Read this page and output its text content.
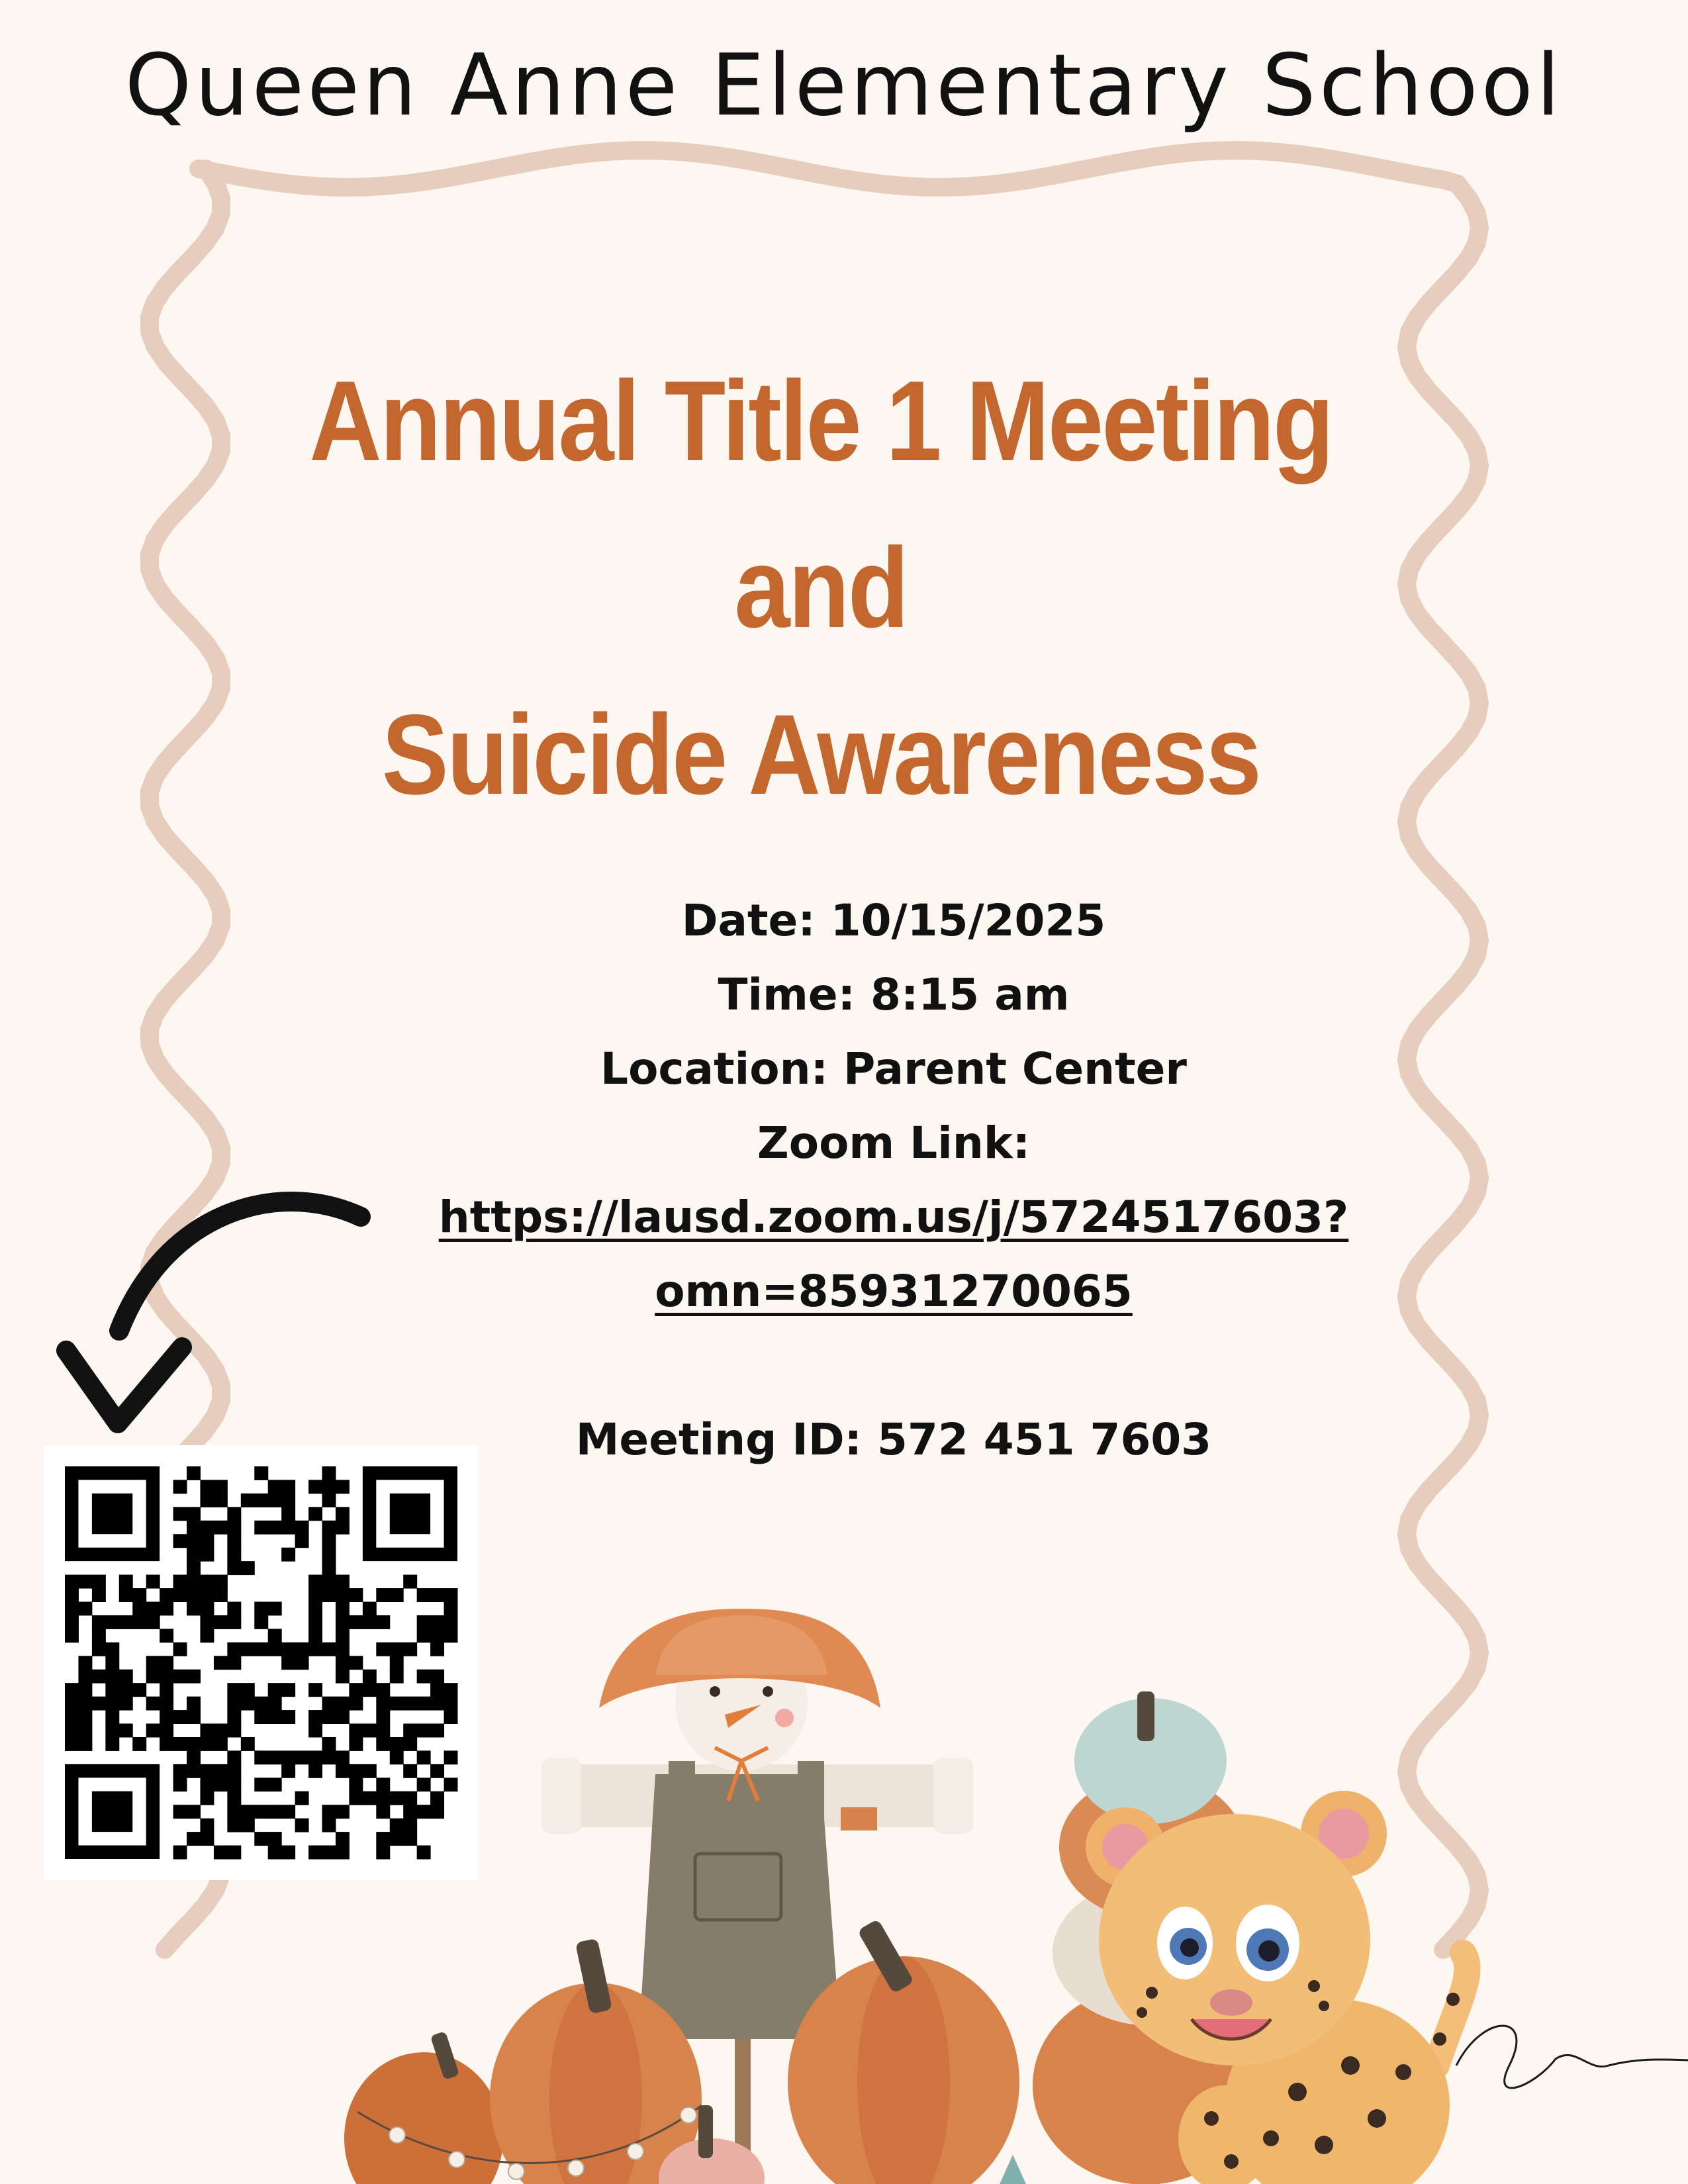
Queen Anne Elementary School
Annual Title 1 Meeting
and
Suicide Awareness
Date: 10/15/2025
Time: 8:15 am
Location: Parent Center
Zoom Link:
https://lausd.zoom.us/j/5724517603?
omn=85931270065
Meeting ID: 572 451 7603
